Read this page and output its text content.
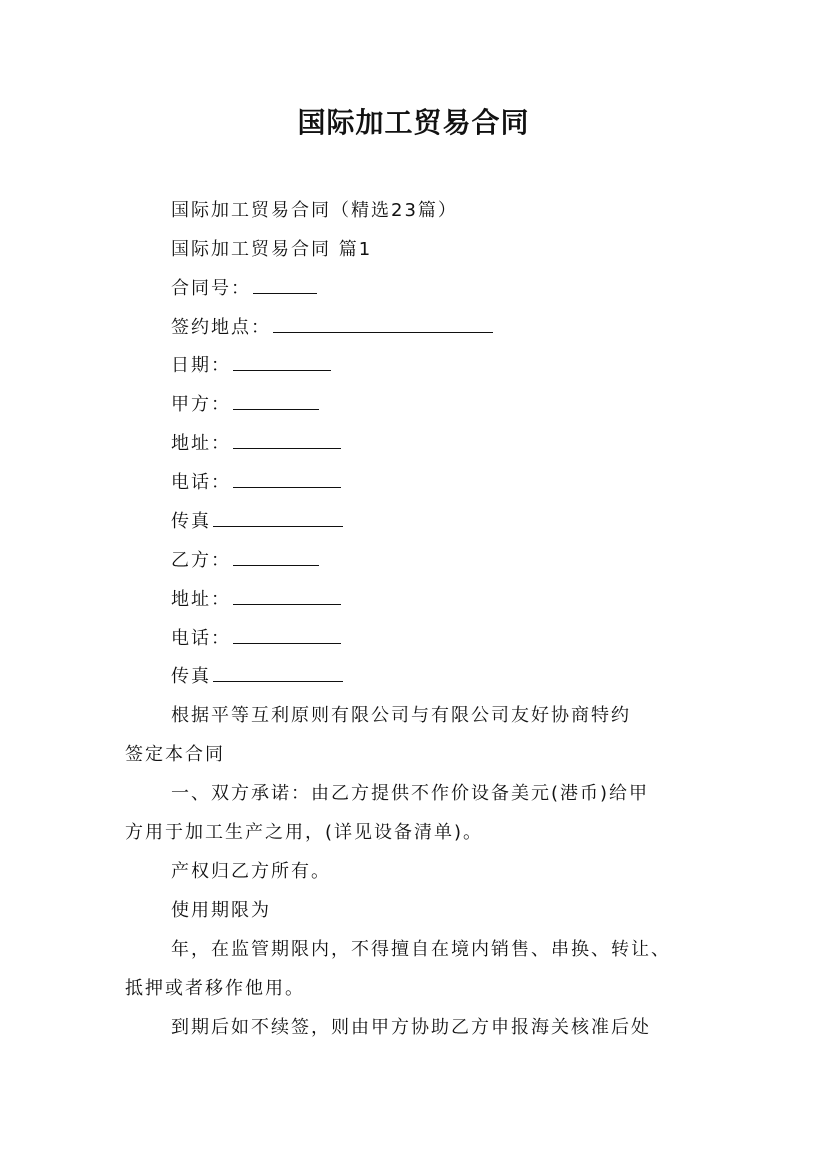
国际加工贸易合同
国际加工贸易合同（精选23篇）
国际加工贸易合同 篇1
合同号：
签约地点：
日期：
甲方：
地址：
电话：
传真
乙方：
地址：
电话：
传真
根据平等互利原则有限公司与有限公司友好协商特约
签定本合同
一、双方承诺：由乙方提供不作价设备美元(港币)给甲
方用于加工生产之用，(详见设备清单)。
产权归乙方所有。
使用期限为
年，在监管期限内，不得擅自在境内销售、串换、转让、
抵押或者移作他用。
到期后如不续签，则由甲方协助乙方申报海关核准后处
